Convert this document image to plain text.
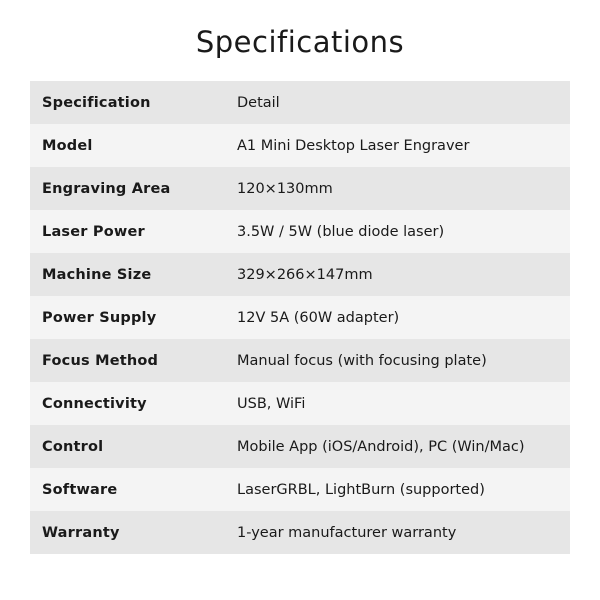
Specifications
Specification	Detail
Model	A1 Mini Desktop Laser Engraver
Engraving Area	120×130mm
Laser Power	3.5W / 5W (blue diode laser)
Machine Size	329×266×147mm
Power Supply	12V 5A (60W adapter)
Focus Method	Manual focus (with focusing plate)
Connectivity	USB, WiFi
Control	Mobile App (iOS/Android), PC (Win/Mac)
Software	LaserGRBL, LightBurn (supported)
Warranty	1-year manufacturer warranty
